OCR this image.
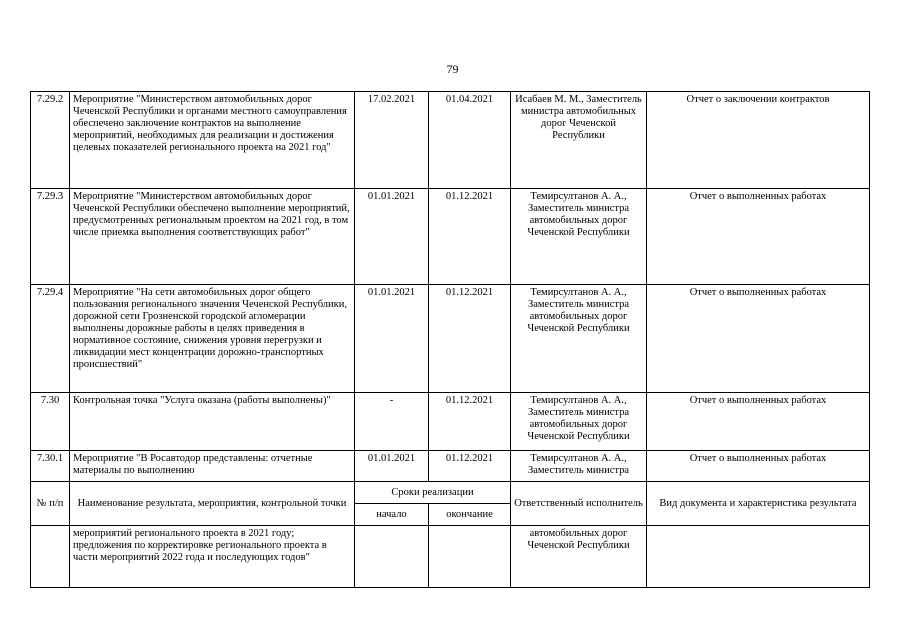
79
7.29.2	Мероприятие "Министерством автомобильных дорог Чеченской Республики и органами местного самоуправления обеспечено заключение контрактов на выполнение мероприятий, необходимых для реализации и достижения целевых показателей регионального проекта на 2021 год"	17.02.2021	01.04.2021	Исабаев М. М., Заместитель министра автомобильных дорог Чеченской Республики	Отчет о заключении контрактов
7.29.3	Мероприятие "Министерством автомобильных дорог Чеченской Республики обеспечено выполнение мероприятий, предусмотренных региональным проектом на 2021 год, в том числе приемка выполнения соответствующих работ"	01.01.2021	01.12.2021	Темирсултанов А. А., Заместитель министра автомобильных дорог Чеченской Республики	Отчет о выполненных работах
7.29.4	Мероприятие "На сети автомобильных дорог общего пользования регионального значения Чеченской Республики, дорожной сети Грозненской городской агломерации выполнены дорожные работы в целях приведения в нормативное состояние, снижения уровня перегрузки и ликвидации мест концентрации дорожно-транспортных происшествий"	01.01.2021	01.12.2021	Темирсултанов А. А., Заместитель министра автомобильных дорог Чеченской Республики	Отчет о выполненных работах
7.30	Контрольная точка "Услуга оказана (работы выполнены)"	-	01.12.2021	Темирсултанов А. А., Заместитель министра автомобильных дорог Чеченской Республики	Отчет о выполненных работах
7.30.1	Мероприятие "В Росавтодор представлены: отчетные материалы по выполнению	01.01.2021	01.12.2021	Темирсултанов А. А., Заместитель министра	Отчет о выполненных работах
№ п/п	Наименование результата, мероприятия, контрольной точки	Сроки реализации		Ответственный исполнитель	Вид документа и характеристика результата
		начало	окончание		
	мероприятий регионального проекта в 2021 году; предложения по корректировке регионального проекта в части мероприятий 2022 года и последующих годов"			автомобильных дорог Чеченской Республики	
